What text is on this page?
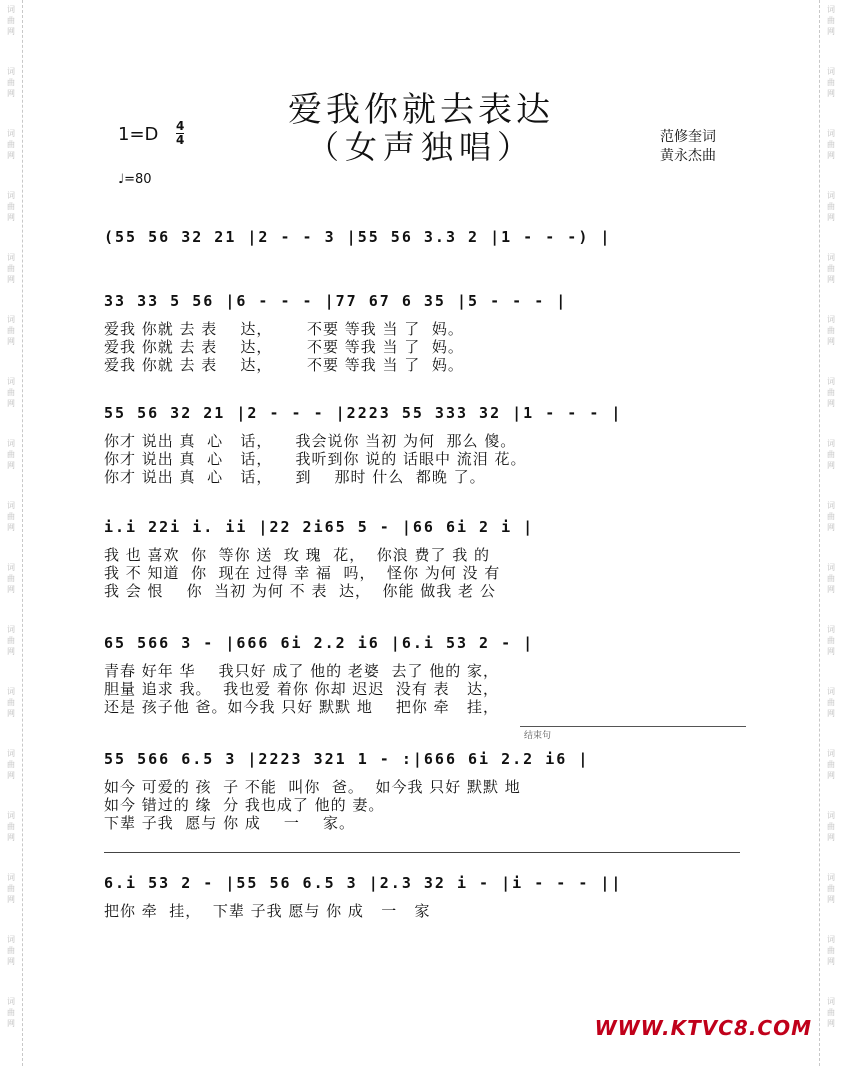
词
曲
网
词
曲
网
词
曲
网
词
曲
网
词
曲
网
词
曲
网
词
曲
网
词
曲
网
词
曲
网
词
曲
网
词
曲
网
词
曲
网
词
曲
网
词
曲
网
词
曲
网
词
曲
网
词
曲
网
词
曲
网
词
曲
网
词
曲
网
词
曲
网
词
曲
网
词
曲
网
词
曲
网
词
曲
网
词
曲
网
词
曲
网
词
曲
网
词
曲
网
词
曲
网
词
曲
网
词
曲
网
词
曲
网
词
曲
网
爱我你就去表达
（女声独唱）
1=D 4
4
♩=80
范修奎词
黄永杰曲
(55 56 32 21 |2 - - 3 |55 56 3.3 2 |1 - - -) |
33 33 5 56 |6 - - - |77 67 6 35 |5 - - - |
爱我 你就 去 表    达，      不要 等我 当 了  妈。
爱我 你就 去 表    达，      不要 等我 当 了  妈。
爱我 你就 去 表    达，      不要 等我 当 了  妈。
55 56 32 21 |2 - - - |2223 55 333 32 |1 - - - |
你才 说出 真  心   话，    我会说你 当初 为何  那么 傻。
你才 说出 真  心   话，    我听到你 说的 话眼中 流泪 花。
你才 说出 真  心   话，    到    那时 什么  都晚 了。
i.i 22i i. ii |22 2i65 5 - |66 6i 2 i |
我 也 喜欢  你  等你 送  玫 瑰  花，  你浪 费了 我 的
我 不 知道  你  现在 过得 幸 福  吗，  怪你 为何 没 有
我 会 恨    你  当初 为何 不 表  达，  你能 做我 老 公
65 566 3 - |666 6i 2.2 i6 |6.i 53 2 - |
青春 好年 华    我只好 成了 他的 老婆  去了 他的 家，
胆量 追求 我。  我也爱 着你 你却 迟迟  没有 表   达，
还是 孩子他 爸。如今我 只好 默默 地    把你 牵   挂，
55 566 6.5 3 |2223 321 1 - :|666 6i 2.2 i6 |
如今 可爱的 孩  子 不能  叫你  爸。  如今我 只好 默默 地
如今 错过的 缘  分 我也成了 他的 妻。
下辈 子我  愿与 你 成    一    家。
6.i 53 2 - |55 56 6.5 3 |2.3 32 i - |i - - - ||
把你 牵  挂，  下辈 子我 愿与 你 成   一   家
结束句
WWW.KTVC8.COM
